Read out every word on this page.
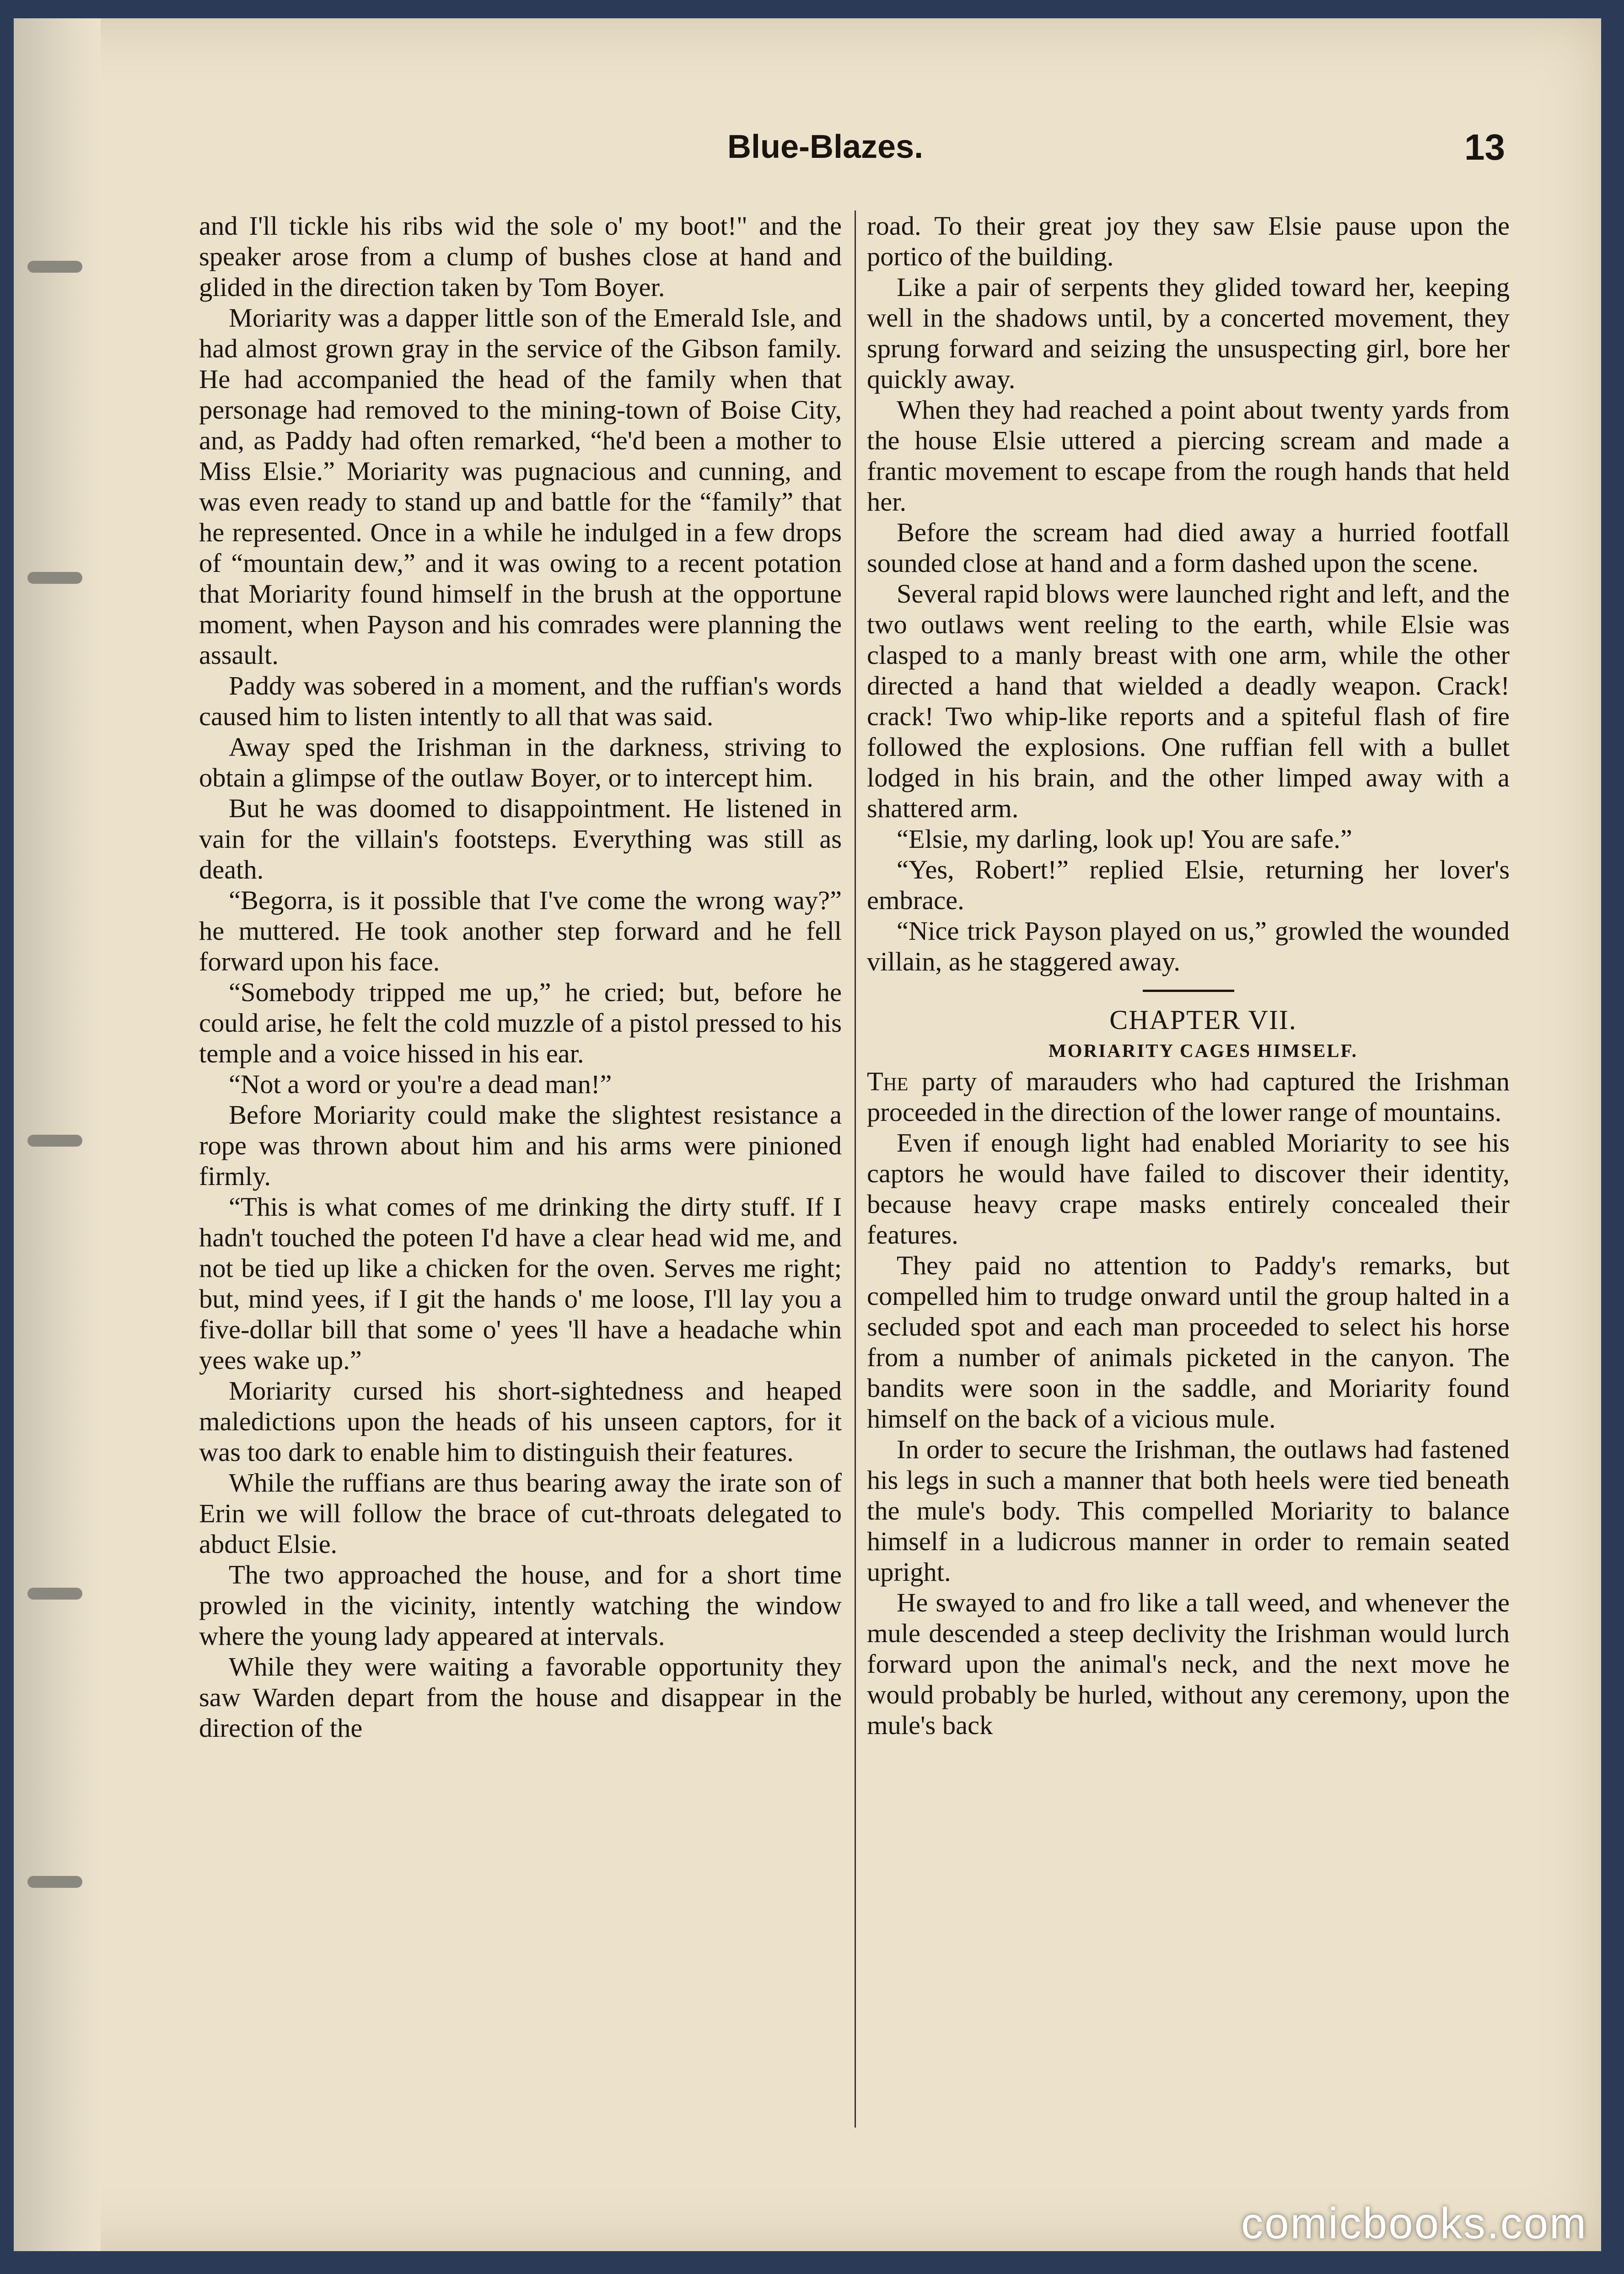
Blue-Blazes.	13

and I'll tickle his ribs wid the sole o' my boot!" and the speaker arose from a clump of bushes close at hand and glided in the direction taken by Tom Boyer.

Moriarity was a dapper little son of the Emerald Isle, and had almost grown gray in the service of the Gibson family. He had accompanied the head of the family when that personage had removed to the mining-town of Boise City, and, as Paddy had often remarked, “he'd been a mother to Miss Elsie.” Moriarity was pugnacious and cunning, and was even ready to stand up and battle for the “family” that he represented. Once in a while he indulged in a few drops of “mountain dew,” and it was owing to a recent potation that Moriarity found himself in the brush at the opportune moment, when Payson and his comrades were planning the assault.

Paddy was sobered in a moment, and the ruffian's words caused him to listen intently to all that was said.

Away sped the Irishman in the darkness, striving to obtain a glimpse of the outlaw Boyer, or to intercept him.

But he was doomed to disappointment. He listened in vain for the villain's footsteps. Everything was still as death.

“Begorra, is it possible that I've come the wrong way?” he muttered. He took another step forward and he fell forward upon his face.

“Somebody tripped me up,” he cried; but, before he could arise, he felt the cold muzzle of a pistol pressed to his temple and a voice hissed in his ear.

“Not a word or you're a dead man!”

Before Moriarity could make the slightest resistance a rope was thrown about him and his arms were pinioned firmly.

“This is what comes of me drinking the dirty stuff. If I hadn't touched the poteen I'd have a clear head wid me, and not be tied up like a chicken for the oven. Serves me right; but, mind yees, if I git the hands o' me loose, I'll lay you a five-dollar bill that some o' yees 'll have a headache whin yees wake up.”

Moriarity cursed his short-sightedness and heaped maledictions upon the heads of his unseen captors, for it was too dark to enable him to distinguish their features.

While the ruffians are thus bearing away the irate son of Erin we will follow the brace of cut-throats delegated to abduct Elsie.

The two approached the house, and for a short time prowled in the vicinity, intently watching the window where the young lady appeared at intervals.

While they were waiting a favorable opportunity they saw Warden depart from the house and disappear in the direction of the

road. To their great joy they saw Elsie pause upon the portico of the building.

Like a pair of serpents they glided toward her, keeping well in the shadows until, by a concerted movement, they sprung forward and seizing the unsuspecting girl, bore her quickly away.

When they had reached a point about twenty yards from the house Elsie uttered a piercing scream and made a frantic movement to escape from the rough hands that held her.

Before the scream had died away a hurried footfall sounded close at hand and a form dashed upon the scene.

Several rapid blows were launched right and left, and the two outlaws went reeling to the earth, while Elsie was clasped to a manly breast with one arm, while the other directed a hand that wielded a deadly weapon. Crack! crack! Two whip-like reports and a spiteful flash of fire followed the explosions. One ruffian fell with a bullet lodged in his brain, and the other limped away with a shattered arm.

“Elsie, my darling, look up! You are safe.”

“Yes, Robert!” replied Elsie, returning her lover's embrace.

“Nice trick Payson played on us,” growled the wounded villain, as he staggered away.

CHAPTER VII.

MORIARITY CAGES HIMSELF.

The party of marauders who had captured the Irishman proceeded in the direction of the lower range of mountains.

Even if enough light had enabled Moriarity to see his captors he would have failed to discover their identity, because heavy crape masks entirely concealed their features.

They paid no attention to Paddy's remarks, but compelled him to trudge onward until the group halted in a secluded spot and each man proceeded to select his horse from a number of animals picketed in the canyon. The bandits were soon in the saddle, and Moriarity found himself on the back of a vicious mule.

In order to secure the Irishman, the outlaws had fastened his legs in such a manner that both heels were tied beneath the mule's body. This compelled Moriarity to balance himself in a ludicrous manner in order to remain seated upright.

He swayed to and fro like a tall weed, and whenever the mule descended a steep declivity the Irishman would lurch forward upon the animal's neck, and the next move he would probably be hurled, without any ceremony, upon the mule's back

comicbooks.com
